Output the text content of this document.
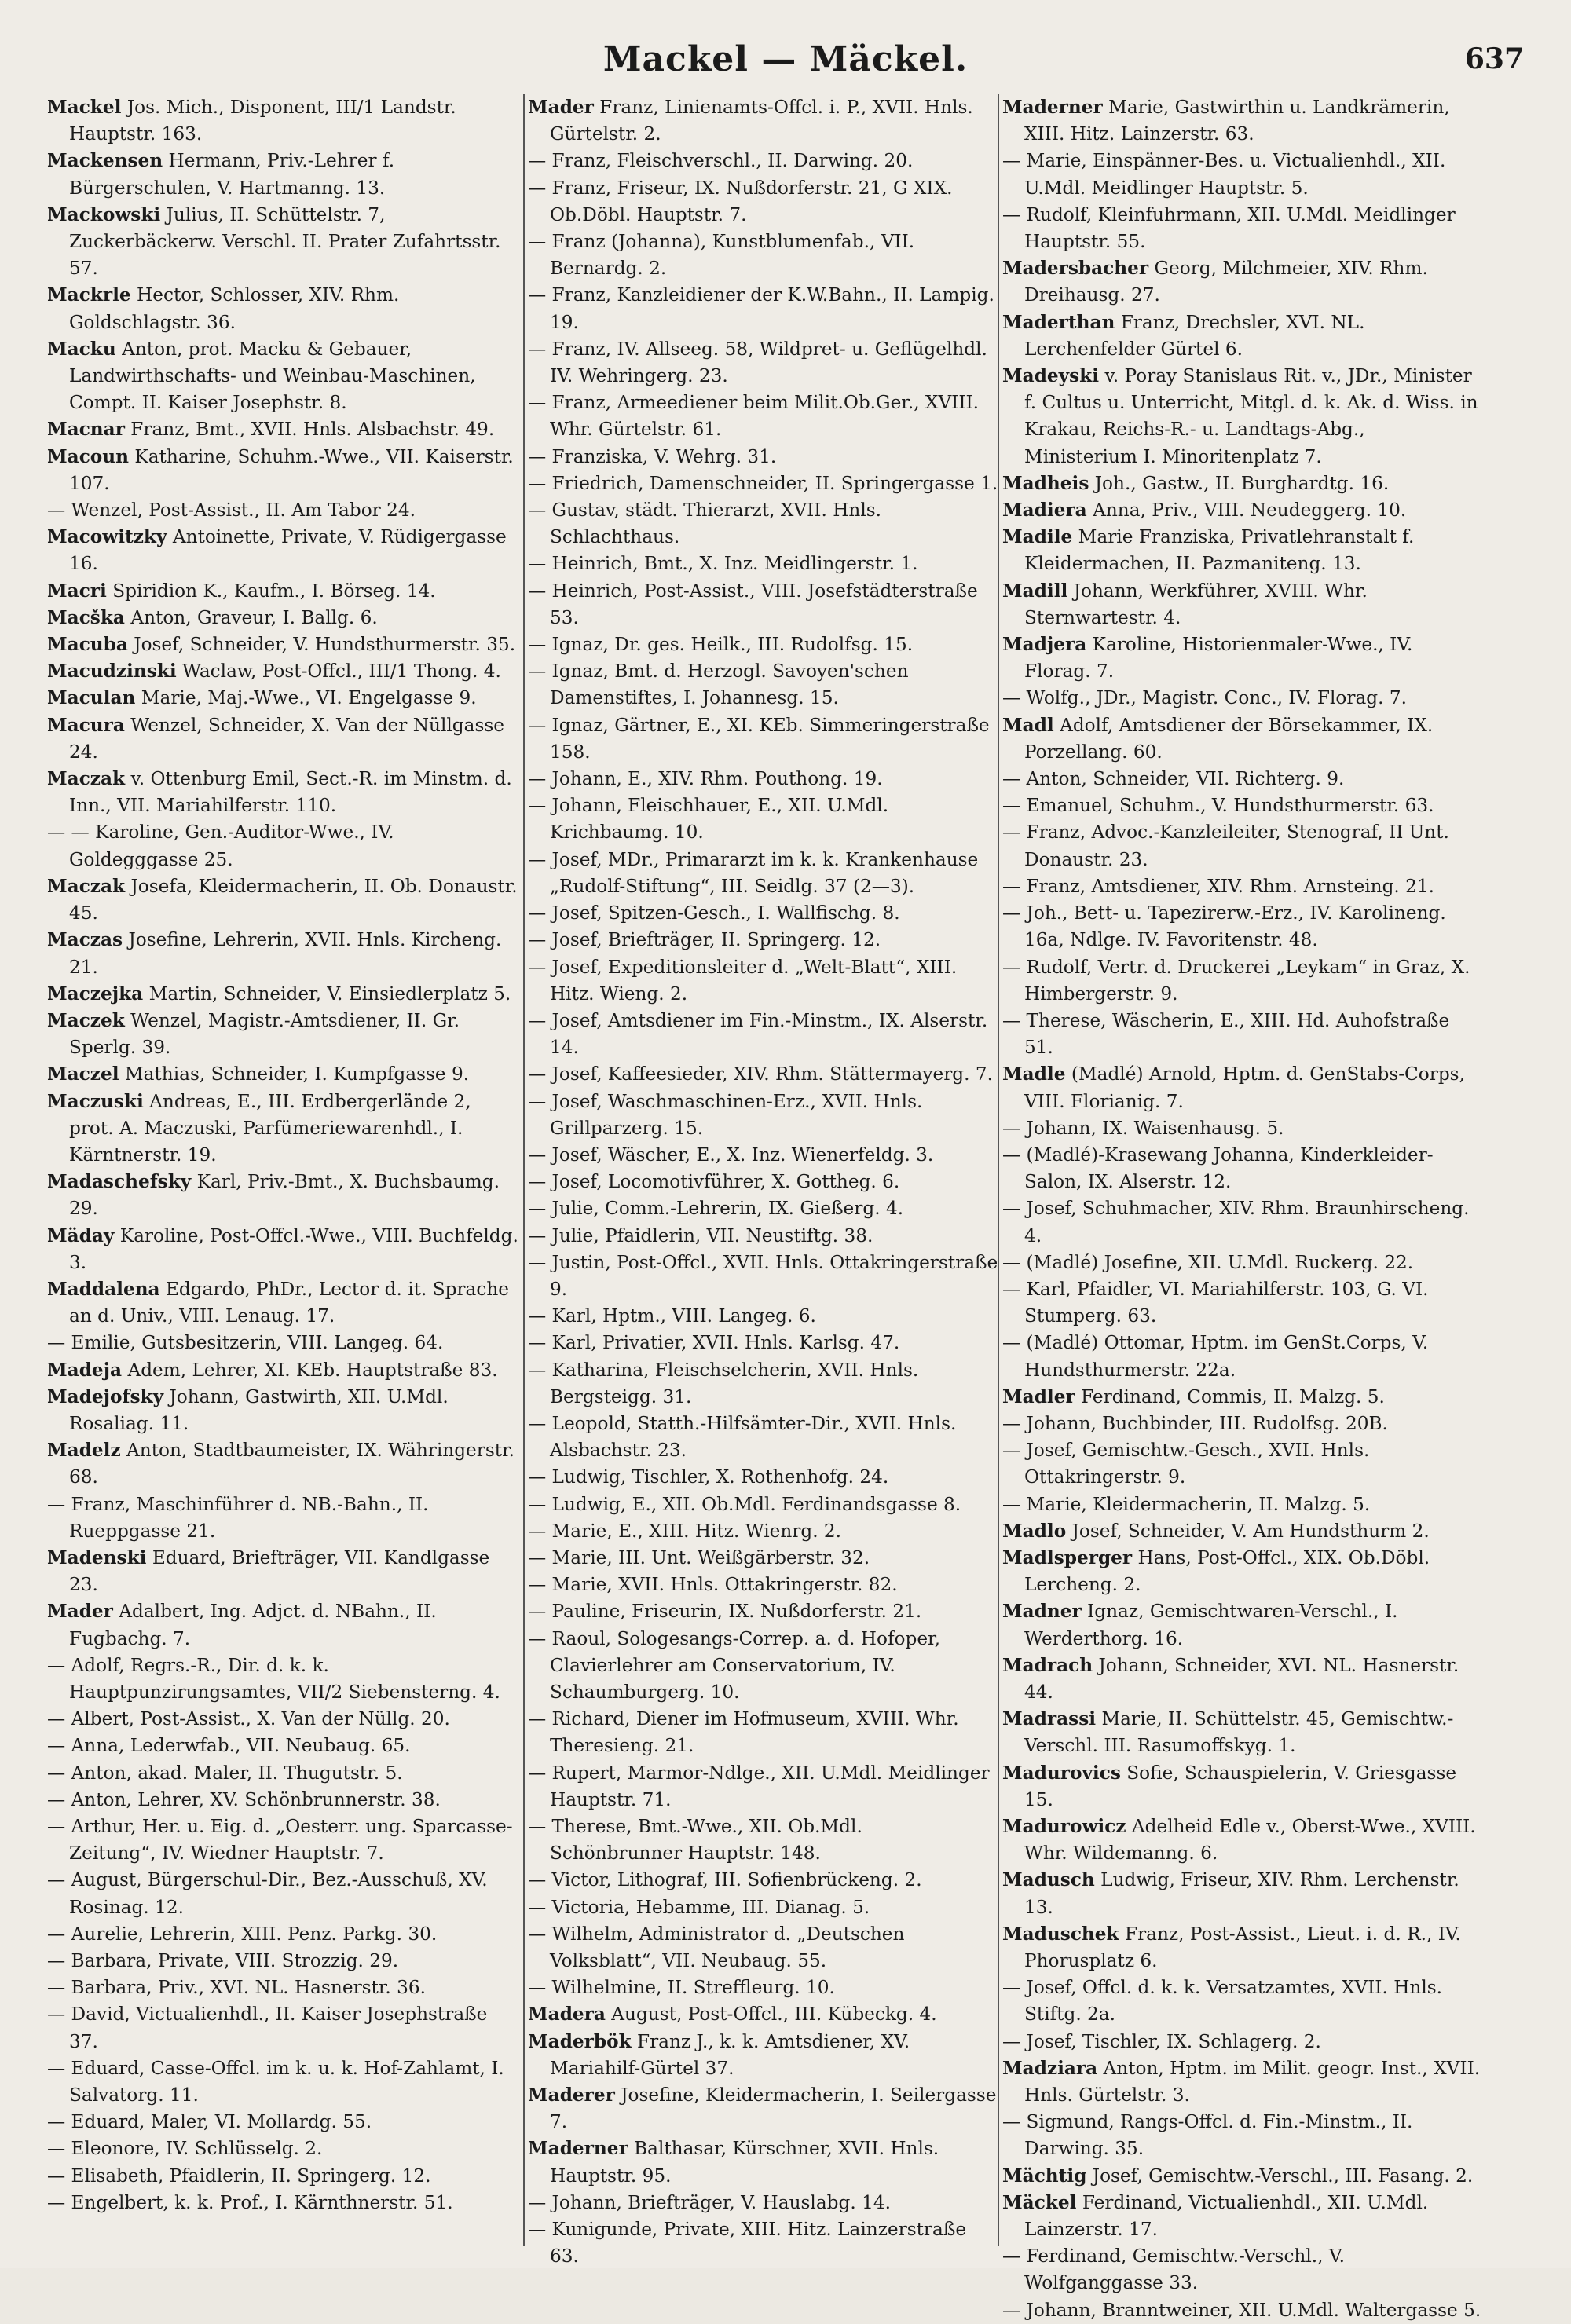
Mackel — Mäckel.	637

Mackel Jos. Mich., Disponent, III/1 Landstr. Hauptstr. 163.

Mackensen Hermann, Priv.-Lehrer f. Bürgerschulen, V. Hartmanng. 13.

Mackowski Julius, II. Schüttelstr. 7, Zuckerbäckerw. Verschl. II. Prater Zufahrtsstr. 57.

Mackrle Hector, Schlosser, XIV. Rhm. Goldschlagstr. 36.

Macku Anton, prot. Macku & Gebauer, Landwirthschafts- und Weinbau-Maschinen, Compt. II. Kaiser Josephstr. 8.

Macnar Franz, Bmt., XVII. Hnls. Alsbachstr. 49.

Macoun Katharine, Schuhm.-Wwe., VII. Kaiserstr. 107.

— Wenzel, Post-Assist., II. Am Tabor 24.

Macowitzky Antoinette, Private, V. Rüdigergasse 16.

Macri Spiridion K., Kaufm., I. Börseg. 14.

Macška Anton, Graveur, I. Ballg. 6.

Macuba Josef, Schneider, V. Hundsthurmerstr. 35.

Macudzinski Waclaw, Post-Offcl., III/1 Thong. 4.

Maculan Marie, Maj.-Wwe., VI. Engelgasse 9.

Macura Wenzel, Schneider, X. Van der Nüllgasse 24.

Maczak v. Ottenburg Emil, Sect.-R. im Minstm. d. Inn., VII. Mariahilferstr. 110.

— — Karoline, Gen.-Auditor-Wwe., IV. Goldegggasse 25.

Maczak Josefa, Kleidermacherin, II. Ob. Donaustr. 45.

Maczas Josefine, Lehrerin, XVII. Hnls. Kircheng. 21.

Maczejka Martin, Schneider, V. Einsiedlerplatz 5.

Maczek Wenzel, Magistr.-Amtsdiener, II. Gr. Sperlg. 39.

Maczel Mathias, Schneider, I. Kumpfgasse 9.

Maczuski Andreas, E., III. Erdbergerlände 2, prot. A. Maczuski, Parfümeriewarenhdl., I. Kärntnerstr. 19.

Madaschefsky Karl, Priv.-Bmt., X. Buchsbaumg. 29.

Mäday Karoline, Post-Offcl.-Wwe., VIII. Buchfeldg. 3.

Maddalena Edgardo, PhDr., Lector d. it. Sprache an d. Univ., VIII. Lenaug. 17.

— Emilie, Gutsbesitzerin, VIII. Langeg. 64.

Madeja Adem, Lehrer, XI. KEb. Hauptstraße 83.

Madejofsky Johann, Gastwirth, XII. U.Mdl. Rosaliag. 11.

Madelz Anton, Stadtbaumeister, IX. Währingerstr. 68.

— Franz, Maschinführer d. NB.-Bahn., II. Rueppgasse 21.

Madenski Eduard, Briefträger, VII. Kandlgasse 23.

Mader Adalbert, Ing. Adjct. d. NBahn., II. Fugbachg. 7.

— Adolf, Regrs.-R., Dir. d. k. k. Hauptpunzirungsamtes, VII/2 Siebensterng. 4.

— Albert, Post-Assist., X. Van der Nüllg. 20.

— Anna, Lederwfab., VII. Neubaug. 65.

— Anton, akad. Maler, II. Thugutstr. 5.

— Anton, Lehrer, XV. Schönbrunnerstr. 38.

— Arthur, Her. u. Eig. d. „Oesterr. ung. Sparcasse-Zeitung“, IV. Wiedner Hauptstr. 7.

— August, Bürgerschul-Dir., Bez.-Ausschuß, XV. Rosinag. 12.

— Aurelie, Lehrerin, XIII. Penz. Parkg. 30.

— Barbara, Private, VIII. Strozzig. 29.

— Barbara, Priv., XVI. NL. Hasnerstr. 36.

— David, Victualienhdl., II. Kaiser Josephstraße 37.

— Eduard, Casse-Offcl. im k. u. k. Hof-Zahlamt, I. Salvatorg. 11.

— Eduard, Maler, VI. Mollardg. 55.

— Eleonore, IV. Schlüsselg. 2.

— Elisabeth, Pfaidlerin, II. Springerg. 12.

— Engelbert, k. k. Prof., I. Kärnthnerstr. 51.

Mader Franz, Linienamts-Offcl. i. P., XVII. Hnls. Gürtelstr. 2.

— Franz, Fleischverschl., II. Darwing. 20.

— Franz, Friseur, IX. Nußdorferstr. 21, G XIX. Ob.Döbl. Hauptstr. 7.

— Franz (Johanna), Kunstblumenfab., VII. Bernardg. 2.

— Franz, Kanzleidiener der K.W.Bahn., II. Lampig. 19.

— Franz, IV. Allseeg. 58, Wildpret- u. Geflügelhdl. IV. Wehringerg. 23.

— Franz, Armeediener beim Milit.Ob.Ger., XVIII. Whr. Gürtelstr. 61.

— Franziska, V. Wehrg. 31.

— Friedrich, Damenschneider, II. Springergasse 1.

— Gustav, städt. Thierarzt, XVII. Hnls. Schlachthaus.

— Heinrich, Bmt., X. Inz. Meidlingerstr. 1.

— Heinrich, Post-Assist., VIII. Josefstädterstraße 53.

— Ignaz, Dr. ges. Heilk., III. Rudolfsg. 15.

— Ignaz, Bmt. d. Herzogl. Savoyen'schen Damenstiftes, I. Johannesg. 15.

— Ignaz, Gärtner, E., XI. KEb. Simmeringerstraße 158.

— Johann, E., XIV. Rhm. Pouthong. 19.

— Johann, Fleischhauer, E., XII. U.Mdl. Krichbaumg. 10.

— Josef, MDr., Primararzt im k. k. Krankenhause „Rudolf-Stiftung“, III. Seidlg. 37 (2—3).

— Josef, Spitzen-Gesch., I. Wallfischg. 8.

— Josef, Briefträger, II. Springerg. 12.

— Josef, Expeditionsleiter d. „Welt-Blatt“, XIII. Hitz. Wieng. 2.

— Josef, Amtsdiener im Fin.-Minstm., IX. Alserstr. 14.

— Josef, Kaffeesieder, XIV. Rhm. Stättermayerg. 7.

— Josef, Waschmaschinen-Erz., XVII. Hnls. Grillparzerg. 15.

— Josef, Wäscher, E., X. Inz. Wienerfeldg. 3.

— Josef, Locomotivführer, X. Gottheg. 6.

— Julie, Comm.-Lehrerin, IX. Gießerg. 4.

— Julie, Pfaidlerin, VII. Neustiftg. 38.

— Justin, Post-Offcl., XVII. Hnls. Ottakringerstraße 9.

— Karl, Hptm., VIII. Langeg. 6.

— Karl, Privatier, XVII. Hnls. Karlsg. 47.

— Katharina, Fleischselcherin, XVII. Hnls. Bergsteigg. 31.

— Leopold, Statth.-Hilfsämter-Dir., XVII. Hnls. Alsbachstr. 23.

— Ludwig, Tischler, X. Rothenhofg. 24.

— Ludwig, E., XII. Ob.Mdl. Ferdinandsgasse 8.

— Marie, E., XIII. Hitz. Wienrg. 2.

— Marie, III. Unt. Weißgärberstr. 32.

— Marie, XVII. Hnls. Ottakringerstr. 82.

— Pauline, Friseurin, IX. Nußdorferstr. 21.

— Raoul, Sologesangs-Correp. a. d. Hofoper, Clavierlehrer am Conservatorium, IV. Schaumburgerg. 10.

— Richard, Diener im Hofmuseum, XVIII. Whr. Theresieng. 21.

— Rupert, Marmor-Ndlge., XII. U.Mdl. Meidlinger Hauptstr. 71.

— Therese, Bmt.-Wwe., XII. Ob.Mdl. Schönbrunner Hauptstr. 148.

— Victor, Lithograf, III. Sofienbrückeng. 2.

— Victoria, Hebamme, III. Dianag. 5.

— Wilhelm, Administrator d. „Deutschen Volksblatt“, VII. Neubaug. 55.

— Wilhelmine, II. Streffleurg. 10.

Madera August, Post-Offcl., III. Kübeckg. 4.

Maderbök Franz J., k. k. Amtsdiener, XV. Mariahilf-Gürtel 37.

Maderer Josefine, Kleidermacherin, I. Seilergasse 7.

Maderner Balthasar, Kürschner, XVII. Hnls. Hauptstr. 95.

— Johann, Briefträger, V. Hauslabg. 14.

— Kunigunde, Private, XIII. Hitz. Lainzerstraße 63.

Maderner Marie, Gastwirthin u. Landkrämerin, XIII. Hitz. Lainzerstr. 63.

— Marie, Einspänner-Bes. u. Victualienhdl., XII. U.Mdl. Meidlinger Hauptstr. 5.

— Rudolf, Kleinfuhrmann, XII. U.Mdl. Meidlinger Hauptstr. 55.

Madersbacher Georg, Milchmeier, XIV. Rhm. Dreihausg. 27.

Maderthan Franz, Drechsler, XVI. NL. Lerchenfelder Gürtel 6.

Madeyski v. Poray Stanislaus Rit. v., JDr., Minister f. Cultus u. Unterricht, Mitgl. d. k. Ak. d. Wiss. in Krakau, Reichs-R.- u. Landtags-Abg., Ministerium I. Minoritenplatz 7.

Madheis Joh., Gastw., II. Burghardtg. 16.

Madiera Anna, Priv., VIII. Neudeggerg. 10.

Madile Marie Franziska, Privatlehranstalt f. Kleidermachen, II. Pazmaniteng. 13.

Madill Johann, Werkführer, XVIII. Whr. Sternwartestr. 4.

Madjera Karoline, Historienmaler-Wwe., IV. Florag. 7.

— Wolfg., JDr., Magistr. Conc., IV. Florag. 7.

Madl Adolf, Amtsdiener der Börsekammer, IX. Porzellang. 60.

— Anton, Schneider, VII. Richterg. 9.

— Emanuel, Schuhm., V. Hundsthurmerstr. 63.

— Franz, Advoc.-Kanzleileiter, Stenograf, II Unt. Donaustr. 23.

— Franz, Amtsdiener, XIV. Rhm. Arnsteing. 21.

— Joh., Bett- u. Tapezirerw.-Erz., IV. Karolineng. 16a, Ndlge. IV. Favoritenstr. 48.

— Rudolf, Vertr. d. Druckerei „Leykam“ in Graz, X. Himbergerstr. 9.

— Therese, Wäscherin, E., XIII. Hd. Auhofstraße 51.

Madle (Madlé) Arnold, Hptm. d. GenStabs-Corps, VIII. Florianig. 7.

— Johann, IX. Waisenhausg. 5.

— (Madlé)-Krasewang Johanna, Kinderkleider-Salon, IX. Alserstr. 12.

— Josef, Schuhmacher, XIV. Rhm. Braunhirscheng. 4.

— (Madlé) Josefine, XII. U.Mdl. Ruckerg. 22.

— Karl, Pfaidler, VI. Mariahilferstr. 103, G. VI. Stumperg. 63.

— (Madlé) Ottomar, Hptm. im GenSt.Corps, V. Hundsthurmerstr. 22a.

Madler Ferdinand, Commis, II. Malzg. 5.

— Johann, Buchbinder, III. Rudolfsg. 20B.

— Josef, Gemischtw.-Gesch., XVII. Hnls. Ottakringerstr. 9.

— Marie, Kleidermacherin, II. Malzg. 5.

Madlo Josef, Schneider, V. Am Hundsthurm 2.

Madlsperger Hans, Post-Offcl., XIX. Ob.Döbl. Lercheng. 2.

Madner Ignaz, Gemischtwaren-Verschl., I. Werderthorg. 16.

Madrach Johann, Schneider, XVI. NL. Hasnerstr. 44.

Madrassi Marie, II. Schüttelstr. 45, Gemischtw.-Verschl. III. Rasumoffskyg. 1.

Madurovics Sofie, Schauspielerin, V. Griesgasse 15.

Madurowicz Adelheid Edle v., Oberst-Wwe., XVIII. Whr. Wildemanng. 6.

Madusch Ludwig, Friseur, XIV. Rhm. Lerchenstr. 13.

Maduschek Franz, Post-Assist., Lieut. i. d. R., IV. Phorusplatz 6.

— Josef, Offcl. d. k. k. Versatzamtes, XVII. Hnls. Stiftg. 2a.

— Josef, Tischler, IX. Schlagerg. 2.

Madziara Anton, Hptm. im Milit. geogr. Inst., XVII. Hnls. Gürtelstr. 3.

— Sigmund, Rangs-Offcl. d. Fin.-Minstm., II. Darwing. 35.

Mächtig Josef, Gemischtw.-Verschl., III. Fasang. 2.

Mäckel Ferdinand, Victualienhdl., XII. U.Mdl. Lainzerstr. 17.

— Ferdinand, Gemischtw.-Verschl., V. Wolfganggasse 33.

— Johann, Branntweiner, XII. U.Mdl. Waltergasse 5.
